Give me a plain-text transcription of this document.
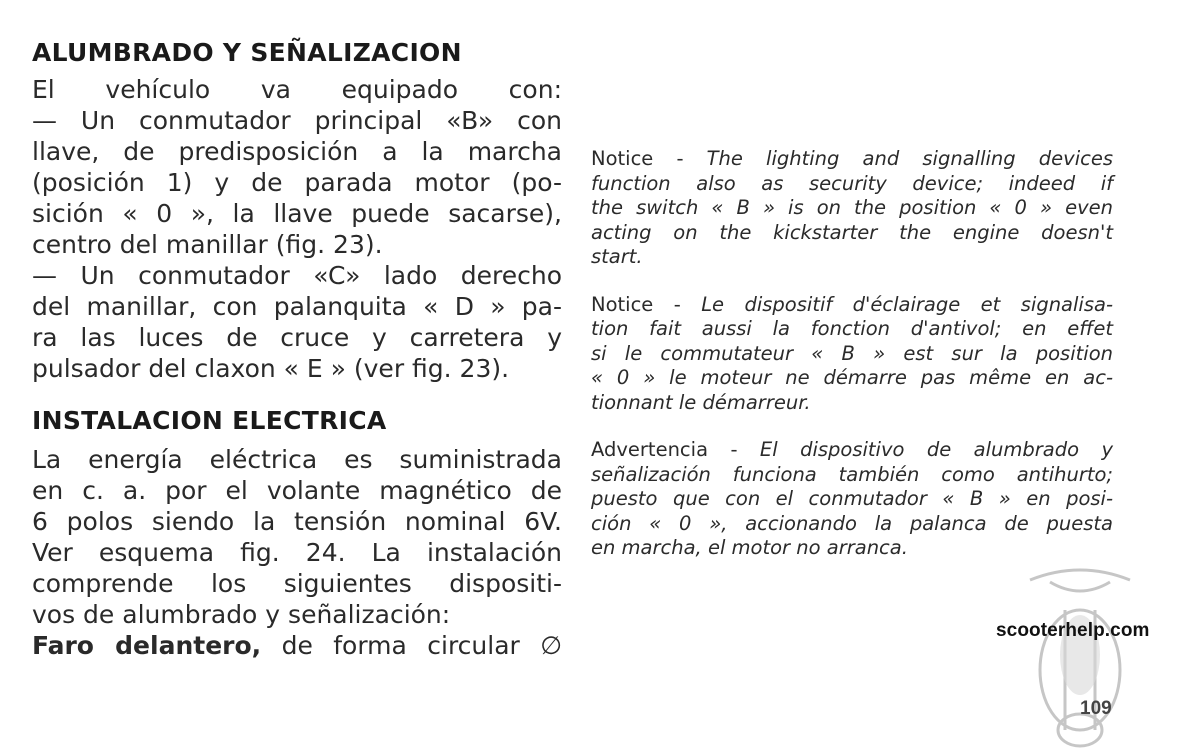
ALUMBRADO Y SEÑALIZACION
El vehículo va equipado con:
— Un conmutador principal «B» con
llave, de predisposición a la marcha
(posición 1) y de parada motor (po-
sición « 0 », la llave puede sacarse),
centro del manillar (fig. 23).
— Un conmutador «C» lado derecho
del manillar, con palanquita « D » pa-
ra las luces de cruce y carretera y
pulsador del claxon « E » (ver fig. 23).
INSTALACION ELECTRICA
La energía eléctrica es suministrada
en c. a. por el volante magnético de
6 polos siendo la tensión nominal 6V.
Ver esquema fig. 24. La instalación
comprende los siguientes dispositi-
vos de alumbrado y señalización:
Faro delantero, de forma circular ∅
Notice - The lighting and signalling devices
function also as security device; indeed if
the switch « B » is on the position « 0 » even
acting on the kickstarter the engine doesn't
start.
Notice - Le dispositif d'éclairage et signalisa-
tion fait aussi la fonction d'antivol; en effet
si le commutateur « B » est sur la position
« 0 » le moteur ne démarre pas même en ac-
tionnant le démarreur.
Advertencia - El dispositivo de alumbrado y
señalización funciona también como antihurto;
puesto que con el conmutador « B » en posi-
ción « 0 », accionando la palanca de puesta
en marcha, el motor no arranca.
scooterhelp.com
109
